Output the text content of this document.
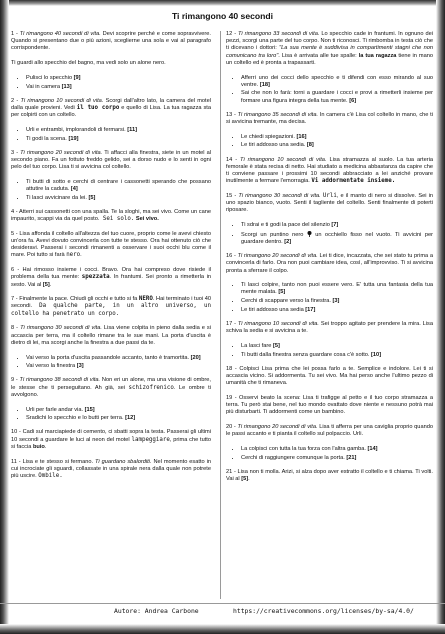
Ti rimangono 40 secondi

1 - Ti rimangono 40 secondi di vita. Devi scoprire perché e come sopravvivere. Quando si presentano due o più azioni, sceglierne una sola e vai al paragrafo corrispondente.

Ti guardi allo specchio del bagno, ma vedi solo un alone nero.

• Pulisci lo specchio [9]
• Vai in camera [13]

2 - Ti rimangono 10 secondi di vita. Scorgi dall'altro lato, la camera del motel dalla quale provieni. Vedi il tuo corpo e quello di Lisa. La tua ragazza sta per colpirti con un coltello.

• Urli e entrambi, implorandoli di fermarsi. [11]
• Ti godi la scena. [19]

3 - Ti rimangono 20 secondi di vita. Ti affacci alla finestra, siete in un motel al secondo piano. Fa un fottuto freddo gelido, sei a dorso nudo e lo senti in ogni pelo del tuo corpo. Lisa ti si avvicina col coltello.

• Ti butti di sotto e cerchi di centrare i cassonetti sperando che possano attutire la caduta. [4]
• Ti lasci avvicinare da lei. [5]

4 - Atterri sui cassonetti con una spalla. Te la sloghi, ma sei vivo. Come un cane impaurito, scappi via da quel posto. Sei solo. Sei vivo.

5 - Lisa affonda il coltello all'altezza del tuo cuore, proprio come le avevi chiesto un'ora fa. Avevi dovuto convincerla con tutte te stesso. Ora hai ottenuto ciò che desideravi. Passerai i secondi rimanenti a osservare i suoi occhi blu come il mare. Poi tutto si farà nero.

6 - Hai rimosso insieme i cocci. Bravo. Ora hai compreso dove risiede il problema della tua mente: spezzata. In frantumi. Sei pronto a rimetterla in sesto. Vai al [5].

7 - Finalmente la pace. Chiudi gli occhi e tutto si fa NERO. Hai terminato i tuoi 40 secondi. Da qualche parte, in un altro universo, un coltello ha penetrato un corpo.

8 - Ti rimangono 30 secondi di vita. Lisa viene colpita in pieno dalla sedia e si accascia per terra, ma il coltello rimane tra le sue mani. La porta d'uscita è dietro di lei, ma scorgi anche la finestra a due passi da te.

• Vai verso la porta d'uscita passandole accanto, tanto è tramortita. [20]
• Vai verso la finestra [3]

9 - Ti rimangono 38 secondi di vita. Non eri un alone, ma una visione di ombre, le stesse che ti perseguitano. Ah già, sei schizofrenico. Le ombre ti avvolgono.

• Urli per farle andar via. [15]
• Sradichi lo specchio e lo butti per terra. [12]

10 - Cadi sul marciapiede di cemento, ci sbatti sopra la testa. Passerai gli ultimi 10 secondi a guardare le luci al neon del motel lampeggiare, prima che tutto si faccia buio.

11 - Lisa e te stesso si fermano. Ti guardano sbalorditi. Nel momento esatto in cui incrociate gli sguardi, collassate in una spirale nera dalla quale non potrete più uscire. Ombile.

12 - Ti rimangono 33 secondi di vita. Lo specchio cade in frantumi. In ognuno dei pezzi, scorgi una parte del tuo corpo. Non ti riconosci. Ti rimbomba in testa ciò che ti dicevano i dottori: "La sua mente è suddivisa in compartimenti stagni che non comunicano tra loro". Lisa è arrivata alle tue spalle: la tua ragazza tiene in mano un coltello ed è pronta a trapassarti.

• Afferri uno dei cocci dello specchio e ti difendi con esso mirando al suo ventre. [18]
• Sai che non lo farà: torni a guardare i cocci e provi a rimetterli insieme per formare una figura integra della tua mente. [6]

13 - Ti rimangono 35 secondi di vita. In camera c'è Lisa col coltello in mano, che ti si avvicina tremante, ma decisa.

• Le chiedi spiegazioni. [16]
• Le tiri addosso una sedia. [8]

14 - Ti rimangono 10 secondi di vita. Lisa stramazza al suolo. La tua arteria femorale è stata recisa di netto. Hai studiato a medicina abbastanza da capire che ti conviene passare i prossimi 10 secondi abbracciato a lei anziché provare inutilmente a fermare l'emorragia. Vi addormentate insieme.

15 - Ti rimangono 30 secondi di vita. Urli, e il manto di nero si dissolve. Sei in uno spazio bianco, vuoto. Senti il tagliente del coltello. Senti finalmente di poterti riposare.

• Ti sdrai e ti godi la pace del silenzio [7]
• Scorgi un puntino nero  un occhiello fisso nel vuoto. Ti avvicini per guardare dentro. [2]

16 - Ti rimangono 20 secondi di vita. Lei ti dice, incazzata, che sei stato tu prima a convincerla di farlo. Ora non puoi cambiare idea, così, all'improvviso. Ti si avvicina pronta a sferrare il colpo.

• Ti lasci colpire, tanto non puoi essere vero. E' tutta una fantasia della tua mente malata. [5]
• Cerchi di scappare verso la finestra. [3]
• Le tiri addosso una sedia [17]

17 - Ti rimangono 10 secondi di vita. Sei troppo agitato per prendere la mira. Lisa schiva la sedia e si avvicina a te.

• La lasci fare [5]
• Ti butti dalla finestra senza guardare cosa c'è sotto. [10]

18 - Colpisci Lisa prima che lei possa farlo a te. Semplice e indolore. Lei ti si accascia vicino. Si addormenta. Tu sei vivo. Ma hai perso anche l'ultimo pezzo di umanità che ti rimaneva.

19 - Osservi beato la scena: Lisa ti trafigge al petto e il tuo corpo stramazza a terra. Tu però stai bene, nel tuo mondo ovattato dove niente e nessuno potrà mai più disturbarti. Ti addormenti come un bambino.

20 - Ti rimangono 20 secondi di vita. Lisa ti afferra per una caviglia proprio quando le passi accanto e ti pianta il coltello sul polpaccio. Urli.

• La colpisci con tutta la tua forza con l'altra gamba. [14]
• Cerchi di raggiungere comunque la porta. [21]

21 - Lisa non ti molla. Arizi, si alza dopo aver estratto il coltello e ti chiama. Ti volti. Vai al [5].

Autore: Andrea Carbone	https://creativecommons.org/licenses/by-sa/4.0/
